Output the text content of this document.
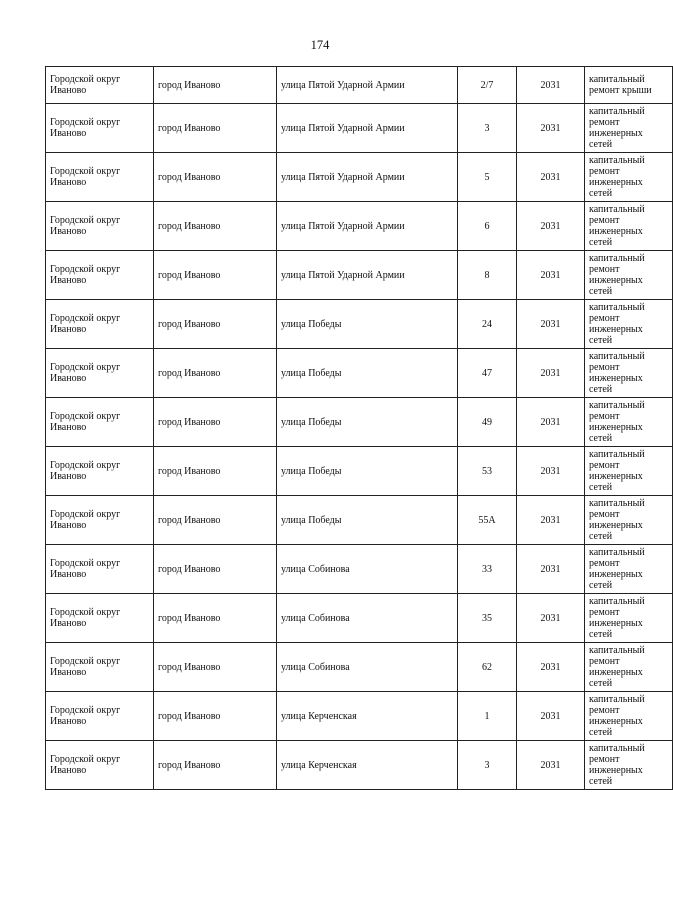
174
Городской округ Иваново	город Иваново	улица Пятой Ударной Армии	2/7	2031	капитальный ремонт крыши
Городской округ Иваново	город Иваново	улица Пятой Ударной Армии	3	2031	капитальный ремонт инженерных сетей
Городской округ Иваново	город Иваново	улица Пятой Ударной Армии	5	2031	капитальный ремонт инженерных сетей
Городской округ Иваново	город Иваново	улица Пятой Ударной Армии	6	2031	капитальный ремонт инженерных сетей
Городской округ Иваново	город Иваново	улица Пятой Ударной Армии	8	2031	капитальный ремонт инженерных сетей
Городской округ Иваново	город Иваново	улица Победы	24	2031	капитальный ремонт инженерных сетей
Городской округ Иваново	город Иваново	улица Победы	47	2031	капитальный ремонт инженерных сетей
Городской округ Иваново	город Иваново	улица Победы	49	2031	капитальный ремонт инженерных сетей
Городской округ Иваново	город Иваново	улица Победы	53	2031	капитальный ремонт инженерных сетей
Городской округ Иваново	город Иваново	улица Победы	55А	2031	капитальный ремонт инженерных сетей
Городской округ Иваново	город Иваново	улица Собинова	33	2031	капитальный ремонт инженерных сетей
Городской округ Иваново	город Иваново	улица Собинова	35	2031	капитальный ремонт инженерных сетей
Городской округ Иваново	город Иваново	улица Собинова	62	2031	капитальный ремонт инженерных сетей
Городской округ Иваново	город Иваново	улица Керченская	1	2031	капитальный ремонт инженерных сетей
Городской округ Иваново	город Иваново	улица Керченская	3	2031	капитальный ремонт инженерных сетей
